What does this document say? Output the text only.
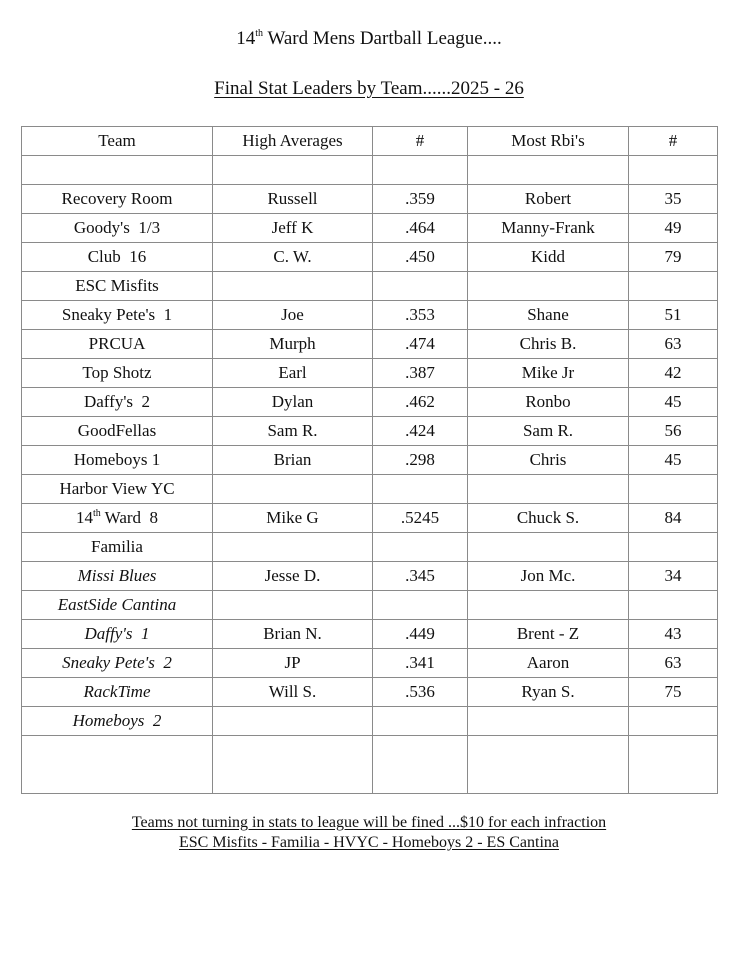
14th Ward Mens Dartball League....
Final Stat Leaders by Team......2025 - 26
Team	High Averages	#	Most Rbi's	#

Recovery Room	Russell	.359	Robert	35
Goody's  1/3	Jeff K	.464	Manny-Frank	49
Club  16	C. W.	.450	Kidd	79
ESC Misfits				
Sneaky Pete's  1	Joe	.353	Shane	51
PRCUA	Murph	.474	Chris B.	63
Top Shotz	Earl	.387	Mike Jr	42
Daffy's  2	Dylan	.462	Ronbo	45
GoodFellas	Sam R.	.424	Sam R.	56
Homeboys 1	Brian	.298	Chris	45
Harbor View YC				
14th Ward  8	Mike G	.5245	Chuck S.	84
Familia				
Missi Blues	Jesse D.	.345	Jon Mc.	34
EastSide Cantina				
Daffy's  1	Brian N.	.449	Brent - Z	43
Sneaky Pete's  2	JP	.341	Aaron	63
RackTime	Will S.	.536	Ryan S.	75
Homeboys  2				

Teams not turning in stats to league will be fined ...$10 for each infraction
ESC Misfits - Familia - HVYC - Homeboys 2 - ES Cantina
